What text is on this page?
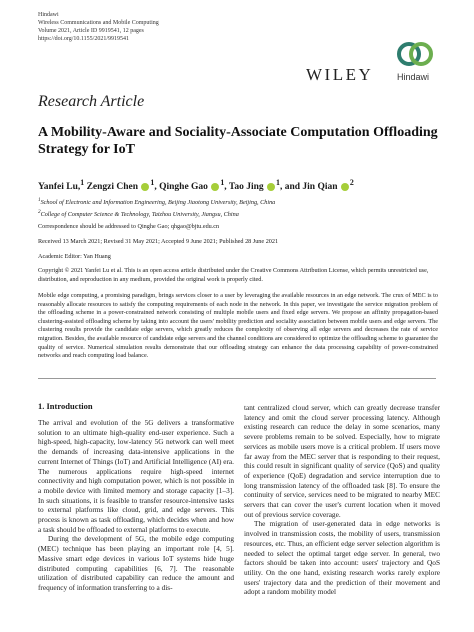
Hindawi
Wireless Communications and Mobile Computing
Volume 2021, Article ID 9919541, 12 pages
https://doi.org/10.1155/2021/9919541
WILEY	Hindawi
Research Article
A Mobility-Aware and Sociality-Associate Computation Offloading Strategy for IoT
Yanfei Lu,$^1$ Zengzi Chen $^1$, Qinghe Gao $^1$, Tao Jing $^1$, and Jin Qian $^2$
$^1$School of Electronic and Information Engineering, Beijing Jiaotong University, Beijing, China
$^2$College of Computer Science & Technology, Taizhou University, Jiangsu, China
Correspondence should be addressed to Qinghe Gao; qhgao@bjtu.edu.cn
Received 13 March 2021; Revised 31 May 2021; Accepted 9 June 2021; Published 28 June 2021
Academic Editor: Yan Huang
Copyright © 2021 Yanfei Lu et al. This is an open access article distributed under the Creative Commons Attribution License, which permits unrestricted use, distribution, and reproduction in any medium, provided the original work is properly cited.
Mobile edge computing, a promising paradigm, brings services closer to a user by leveraging the available resources in an edge network. The crux of MEC is to reasonably allocate resources to satisfy the computing requirements of each node in the network. In this paper, we investigate the service migration problem of the offloading scheme in a power-constrained network consisting of multiple mobile users and fixed edge servers. We propose an affinity propagation-based clustering-assisted offloading scheme by taking into account the users' mobility prediction and sociality association between mobile users and edge servers. The clustering results provide the candidate edge servers, which greatly reduces the complexity of observing all edge servers and decreases the rate of service migration. Besides, the available resource of candidate edge servers and the channel conditions are considered to optimize the offloading scheme to guarantee the quality of service. Numerical simulation results demonstrate that our offloading strategy can enhance the data processing capability of power-constrained networks and reach computing load balance.
1. Introduction

The arrival and evolution of the 5G delivers a transformative solution to an ultimate high-quality end-user experience. Such a high-speed, high-capacity, low-latency 5G network can well meet the demands of increasing data-intensive applications in the current Internet of Things (IoT) and Artificial Intelligence (AI) era. The numerous applications require high-speed internet connectivity and high computation power, which is not possible in a mobile device with limited memory and storage capacity [1–3]. In such situations, it is feasible to transfer resource-intensive tasks to external platforms like cloud, grid, and edge servers. This process is known as task offloading, which decides when and how a task should be offloaded to external platforms to execute.

During the development of 5G, the mobile edge computing (MEC) technique has been playing an important role [4, 5]. Massive smart edge devices in various IoT systems hide huge distributed computing capabilities [6, 7]. The reasonable utilization of distributed capability can reduce the amount and frequency of information transferring to a dis-

tant centralized cloud server, which can greatly decrease transfer latency and omit the cloud server processing latency. Although existing research can reduce the delay in some scenarios, many severe problems remain to be solved. Especially, how to migrate services as mobile users move is a critical problem. If users move far away from the MEC server that is responding to their request, this could result in significant quality of service (QoS) and quality of experience (QoE) degradation and service interruption due to long transmission latency of the offloaded task [8]. To ensure the continuity of service, services need to be migrated to nearby MEC servers that can cover the user's current location when it moved out of previous service coverage.

The migration of user-generated data in edge networks is involved in transmission costs, the mobility of users, transmission resources, etc. Thus, an efficient edge server selection algorithm is needed to select the optimal target edge server. In general, two factors should be taken into account: users' trajectory and QoS utility. On the one hand, existing research works rarely explore users' trajectory data and the prediction of their movement and adopt a random mobility model
